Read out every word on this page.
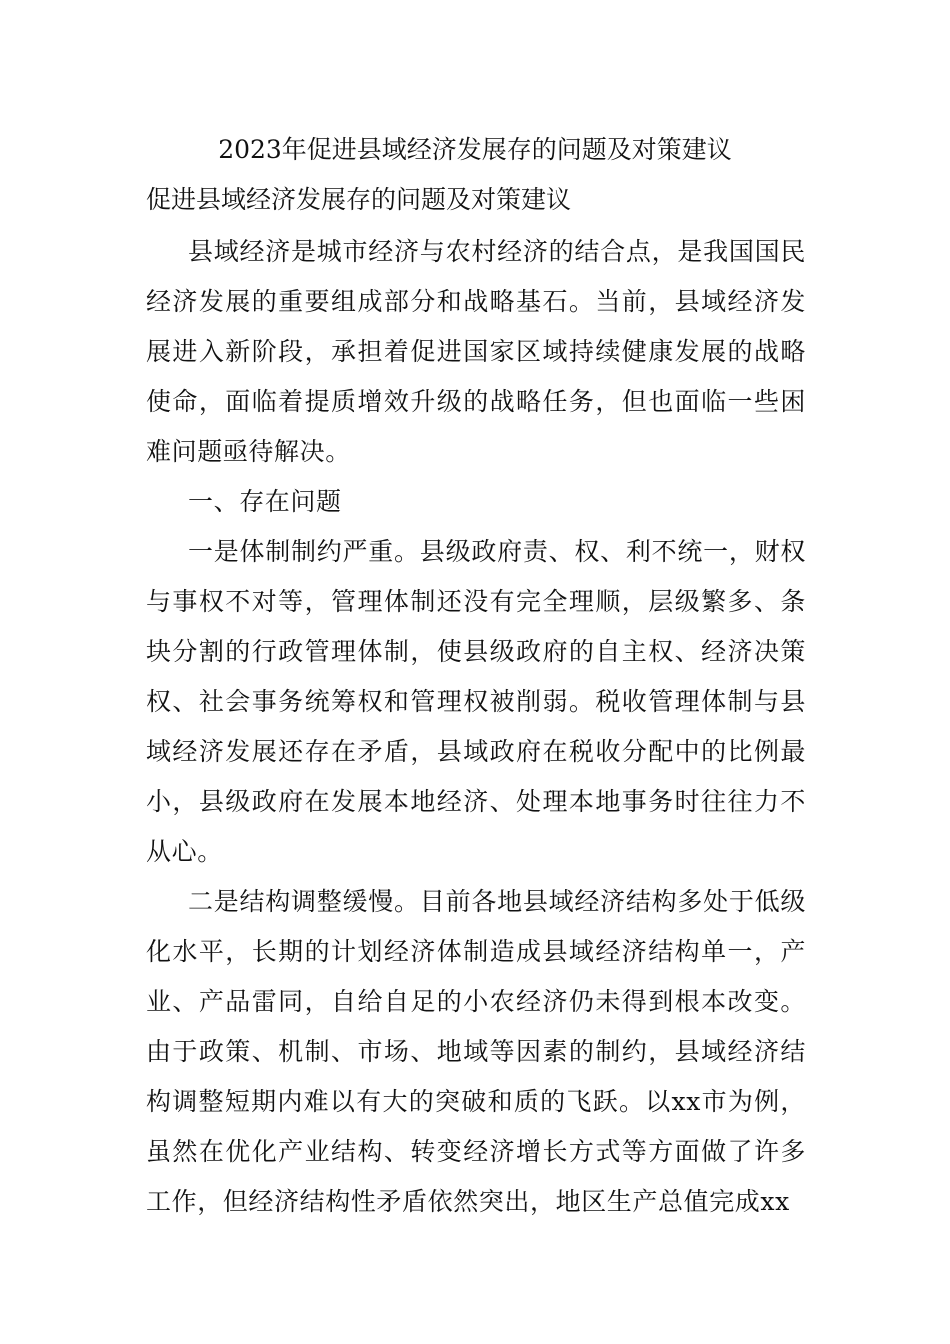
2023年促进县域经济发展存的问题及对策建议
促进县域经济发展存的问题及对策建议

县域经济是城市经济与农村经济的结合点，是我国国民经济发展的重要组成部分和战略基石。当前，县域经济发展进入新阶段，承担着促进国家区域持续健康发展的战略使命，面临着提质增效升级的战略任务，但也面临一些困难问题亟待解决。

一、存在问题

一是体制制约严重。县级政府责、权、利不统一，财权与事权不对等，管理体制还没有完全理顺，层级繁多、条块分割的行政管理体制，使县级政府的自主权、经济决策权、社会事务统筹权和管理权被削弱。税收管理体制与县域经济发展还存在矛盾，县域政府在税收分配中的比例最小，县级政府在发展本地经济、处理本地事务时往往力不从心。

二是结构调整缓慢。目前各地县域经济结构多处于低级化水平，长期的计划经济体制造成县域经济结构单一，产业、产品雷同，自给自足的小农经济仍未得到根本改变。由于政策、机制、市场、地域等因素的制约，县域经济结构调整短期内难以有大的突破和质的飞跃。以xx市为例，虽然在优化产业结构、转变经济增长方式等方面做了许多工作，但经济结构性矛盾依然突出，地区生产总值完成xx
